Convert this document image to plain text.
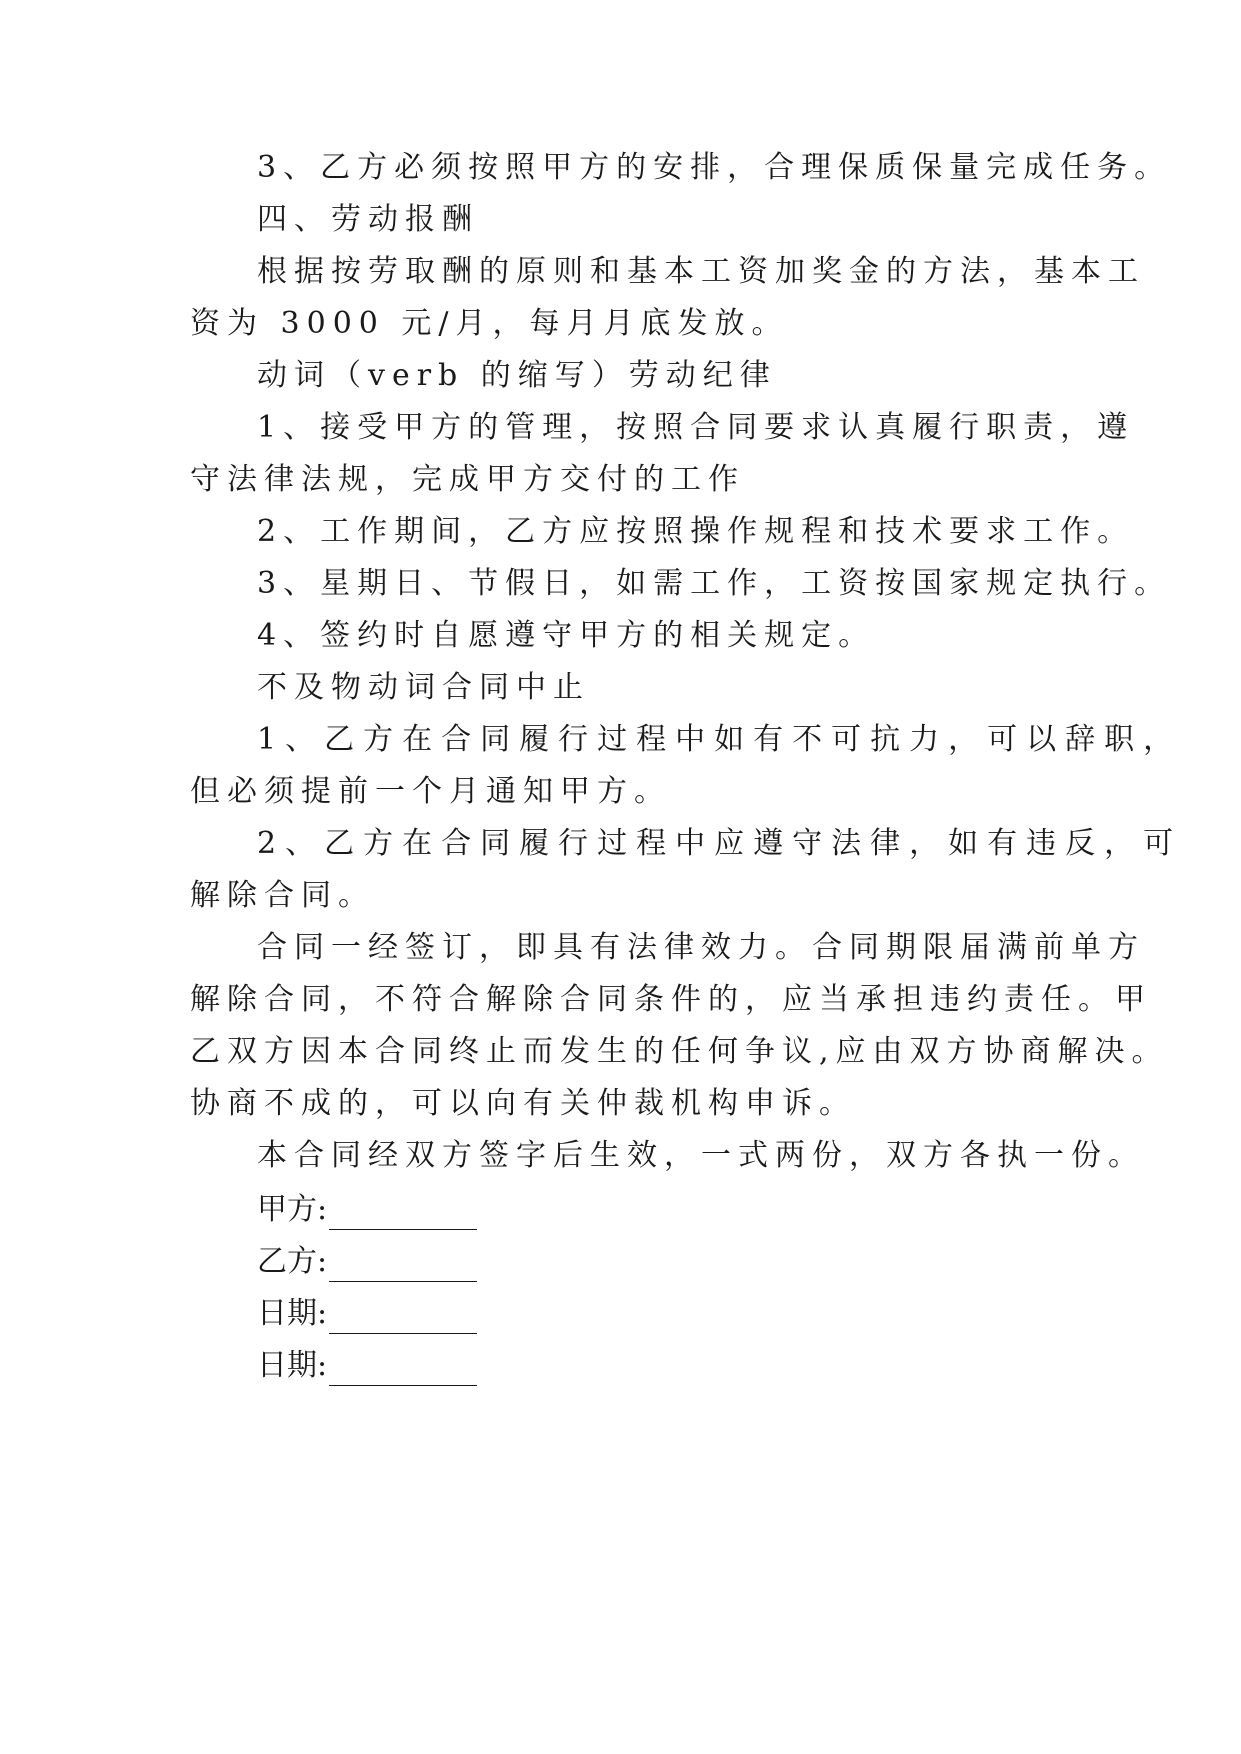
3、乙方必须按照甲方的安排，合理保质保量完成任务。
四、劳动报酬
根据按劳取酬的原则和基本工资加奖金的方法，基本工
资为 3000 元/月，每月月底发放。
动词（verb 的缩写）劳动纪律
1、接受甲方的管理，按照合同要求认真履行职责，遵
守法律法规，完成甲方交付的工作
2、工作期间，乙方应按照操作规程和技术要求工作。
3、星期日、节假日，如需工作，工资按国家规定执行。
4、签约时自愿遵守甲方的相关规定。
不及物动词合同中止
1、乙方在合同履行过程中如有不可抗力，可以辞职，
但必须提前一个月通知甲方。
2、乙方在合同履行过程中应遵守法律，如有违反，可
解除合同。
合同一经签订，即具有法律效力。合同期限届满前单方
解除合同，不符合解除合同条件的，应当承担违约责任。甲
乙双方因本合同终止而发生的任何争议,应由双方协商解决。
协商不成的，可以向有关仲裁机构申诉。
本合同经双方签字后生效，一式两份，双方各执一份。
甲方:
乙方:
日期:
日期:
